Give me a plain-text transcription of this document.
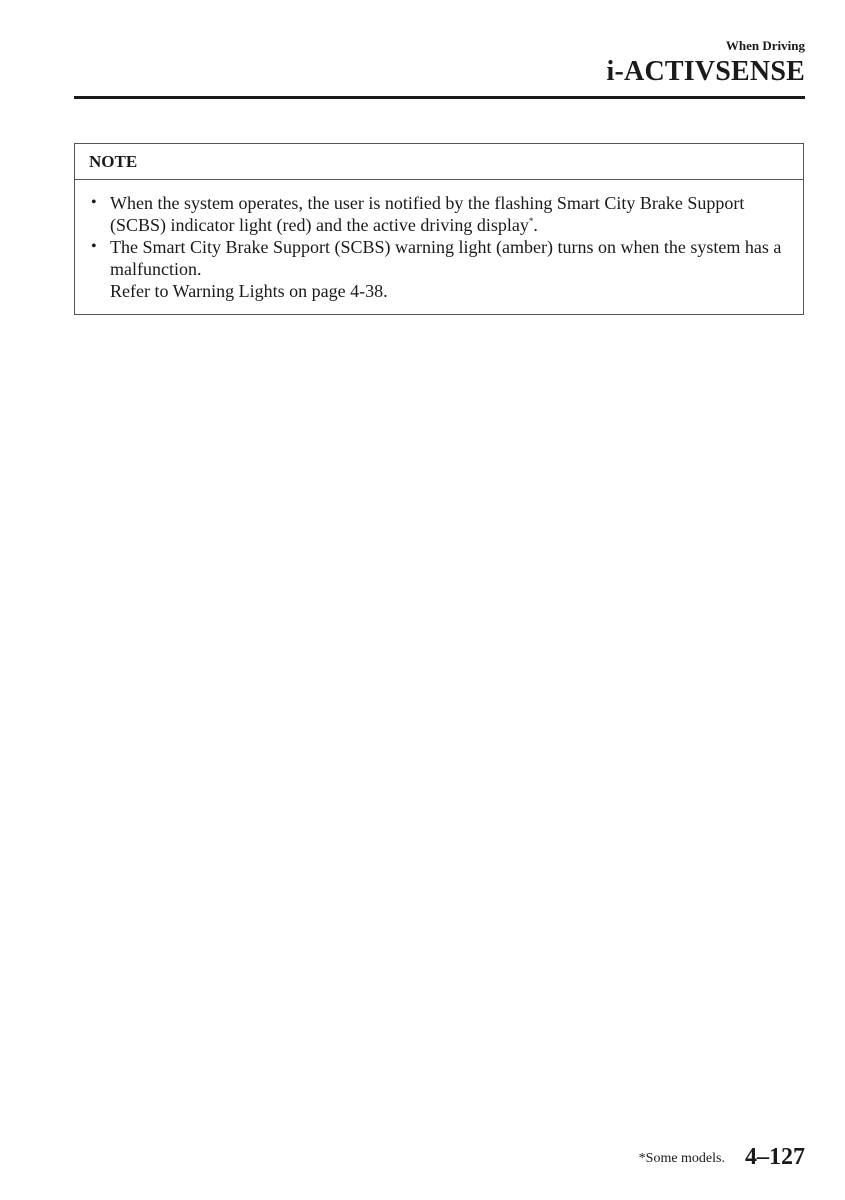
When Driving
i-ACTIVSENSE
NOTE
• When the system operates, the user is notified by the flashing Smart City Brake Support (SCBS) indicator light (red) and the active driving display*.
• The Smart City Brake Support (SCBS) warning light (amber) turns on when the system has a malfunction.
Refer to Warning Lights on page 4-38.
*Some models. 4–127
